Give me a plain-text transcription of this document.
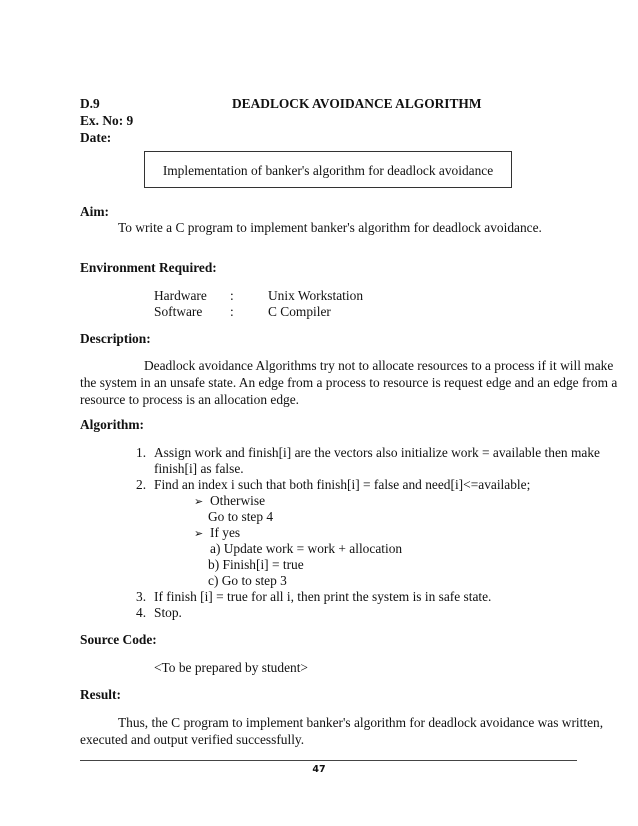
D.9	DEADLOCK AVOIDANCE ALGORITHM
Ex. No: 9
Date:
Implementation of banker's algorithm for deadlock avoidance
Aim:
To write a C program to implement banker's algorithm for deadlock avoidance.
Environment Required:
Hardware :	Unix Workstation
Software :	C Compiler
Description:
Deadlock avoidance Algorithms try not to allocate resources to a process if it will make
the system in an unsafe state. An edge from a process to resource is request edge and an edge from a
resource to process is an allocation edge.
Algorithm:
1. Assign work and finish[i] are the vectors also initialize work = available then make
finish[i] as false.
2. Find an index i such that both finish[i] = false and need[i]<=available;
➢ Otherwise
Go to step 4
➢ If yes
a) Update work = work + allocation
b) Finish[i] = true
c) Go to step 3
3. If finish [i] = true for all i, then print the system is in safe state.
4. Stop.
Source Code:
<To be prepared by student>
Result:
Thus, the C program to implement banker's algorithm for deadlock avoidance was written,
executed and output verified successfully.
47
